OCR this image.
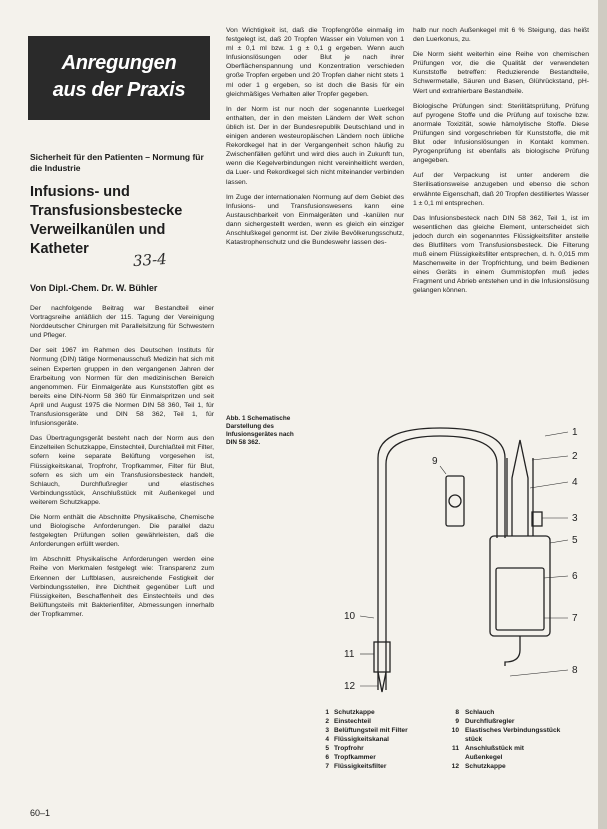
Anregungen
aus der Praxis
Sicherheit für den Patienten – Normung für die Industrie
Infusions- und Transfusionsbestecke Verweilkanülen und Katheter
33-4
Von Dipl.-Chem. Dr. W. Bühler

Der nachfolgende Beitrag war Bestandteil einer Vortragsreihe anläßlich der 115. Tagung der Vereinigung Norddeutscher Chirurgen mit Parallelsitzung für Schwestern und Pfleger.

Der seit 1967 im Rahmen des Deutschen Instituts für Normung (DIN) tätige Normenausschuß Medizin hat sich mit seinen Experten gruppen in den vergangenen Jahren der Erarbeitung von Normen für den medizinischen Bereich angenommen. Für Einmalgeräte aus Kunststoffen gibt es bereits eine DIN-Norm 58 360 für Einmalspritzen und seit April und August 1975 die Normen DIN 58 360, Teil 1, für Transfusionsgeräte und DIN 58 362, Teil 1, für Infusionsgeräte.

Das Übertragungsgerät besteht nach der Norm aus den Einzelteilen Schutzkappe, Einstechteil, Durchlaßteil mit Filter, sofern keine separate Belüftung vorgesehen ist, Flüssigkeitskanal, Tropfrohr, Tropfkammer, Filter für Blut, sofern es sich um ein Transfusionsbesteck handelt, Schlauch, Durchflußregler und elastisches Verbindungsstück, Anschlußstück mit Außenkegel und weiterem Schutzkappe.

Die Norm enthält die Abschnitte Physikalische, Chemische und Biologische Anforderungen. Die parallel dazu festgelegten Prüfungen sollen gewährleisten, daß die Anforderungen erfüllt werden.

Im Abschnitt Physikalische Anforderungen werden eine Reihe von Merkmalen festgelegt wie: Transparenz zum Erkennen der Luftblasen, ausreichende Festigkeit der Verbindungsstellen, ihre Dichtheit gegenüber Luft und Flüssigkeiten, Beschaffenheit des Einstechteils und des Belüftungsteils mit Bakterienfilter, Abmessungen innerhalb der Tropfkammer.

Von Wichtigkeit ist, daß die Tropfengröße einmalig im festgelegt ist, daß 20 Tropfen Wasser ein Volumen von 1 ml ± 0,1 ml bzw. 1 g ± 0,1 g ergeben. Wenn auch Infusionslösungen oder Blut je nach ihrer Oberflächenspannung und Konzentration verschieden große Tropfen ergeben und 20 Tropfen daher nicht stets 1 ml oder 1 g ergeben, so ist doch die Basis für ein gleichmäßiges Verhalten aller Tropfer gegeben.

In der Norm ist nur noch der sogenannte Luerkegel enthalten, der in den meisten Ländern der Welt schon üblich ist. Der in der Bundesrepublik Deutschland und in einigen anderen westeuropäischen Ländern noch übliche Rekordkegel hat in der Vergangenheit schon häufig zu Zwischenfällen geführt und wird dies auch in Zukunft tun, wenn die Kegelverbindungen nicht vereinheitlicht werden, da Luer- und Rekordkegel sich nicht miteinander verbinden lassen.

Im Zuge der internationalen Normung auf dem Gebiet des Infusions- und Transfusionswesens kann eine Austauschbarkeit von Einmalgeräten und -kanülen nur dann sichergestellt werden, wenn es gleich ein einziger Anschlußkegel genormt ist. Der zivile Bevölkerungsschutz, Katastrophenschutz und die Bundeswehr lassen des-

halb nur noch Außenkegel mit 6 % Steigung, das heißt den Luerkonus, zu.

Die Norm sieht weiterhin eine Reihe von chemischen Prüfungen vor, die die Qualität der verwendeten Kunststoffe betreffen: Reduzierende Bestandteile, Schwermetalle, Säuren und Basen, Glührückstand, pH-Wert und extrahierbare Bestandteile.

Biologische Prüfungen sind: Sterilitätsprüfung, Prüfung auf pyrogene Stoffe und die Prüfung auf toxische bzw. anormale Toxizität, sowie hämolytische Stoffe. Diese Prüfungen sind vorgeschrieben für Kunststoffe, die mit Blut oder Infusionslösungen in Kontakt kommen. Pyrogenprüfung ist ebenfalls als biologische Prüfung angegeben.

Auf der Verpackung ist unter anderem die Sterilisationsweise anzugeben und ebenso die schon erwähnte Eigenschaft, daß 20 Tropfen destilliertes Wasser 1 ± 0,1 ml entsprechen.

Das Infusionsbesteck nach DIN 58 362, Teil 1, ist im wesentlichen das gleiche Element, unterscheidet sich jedoch durch ein sogenanntes Flüssigkeitsfilter anstelle des Blutfilters vom Transfusionsbesteck. Die Filterung muß einem Flüssigkeitsfilter entsprechen, d. h. 0,015 mm Maschenweite in der Tropfrichtung, und beim Bedienen eines Geräts in einem Gummistopfen muß jedes Fragment und Abrieb entstehen und in die Infusionslösung gelangen können.

Abb. 1 Schematische Darstellung des Infusionsgerätes nach DIN 58 362.
1
2
3
4
5
6
7
8
9
10
11
12
1 Schutzkappe	8 Schlauch
2 Einstechteil	9 Durchflußregler
3 Belüftungsteil mit Filter	10 Elastisches Verbindungsstück
4 Flüssigkeitskanal	stück
5 Tropfrohr	11 Anschlußstück mit
6 Tropfkammer	Außenkegel
7 Flüssigkeitsfilter	12 Schutzkappe
60–1
